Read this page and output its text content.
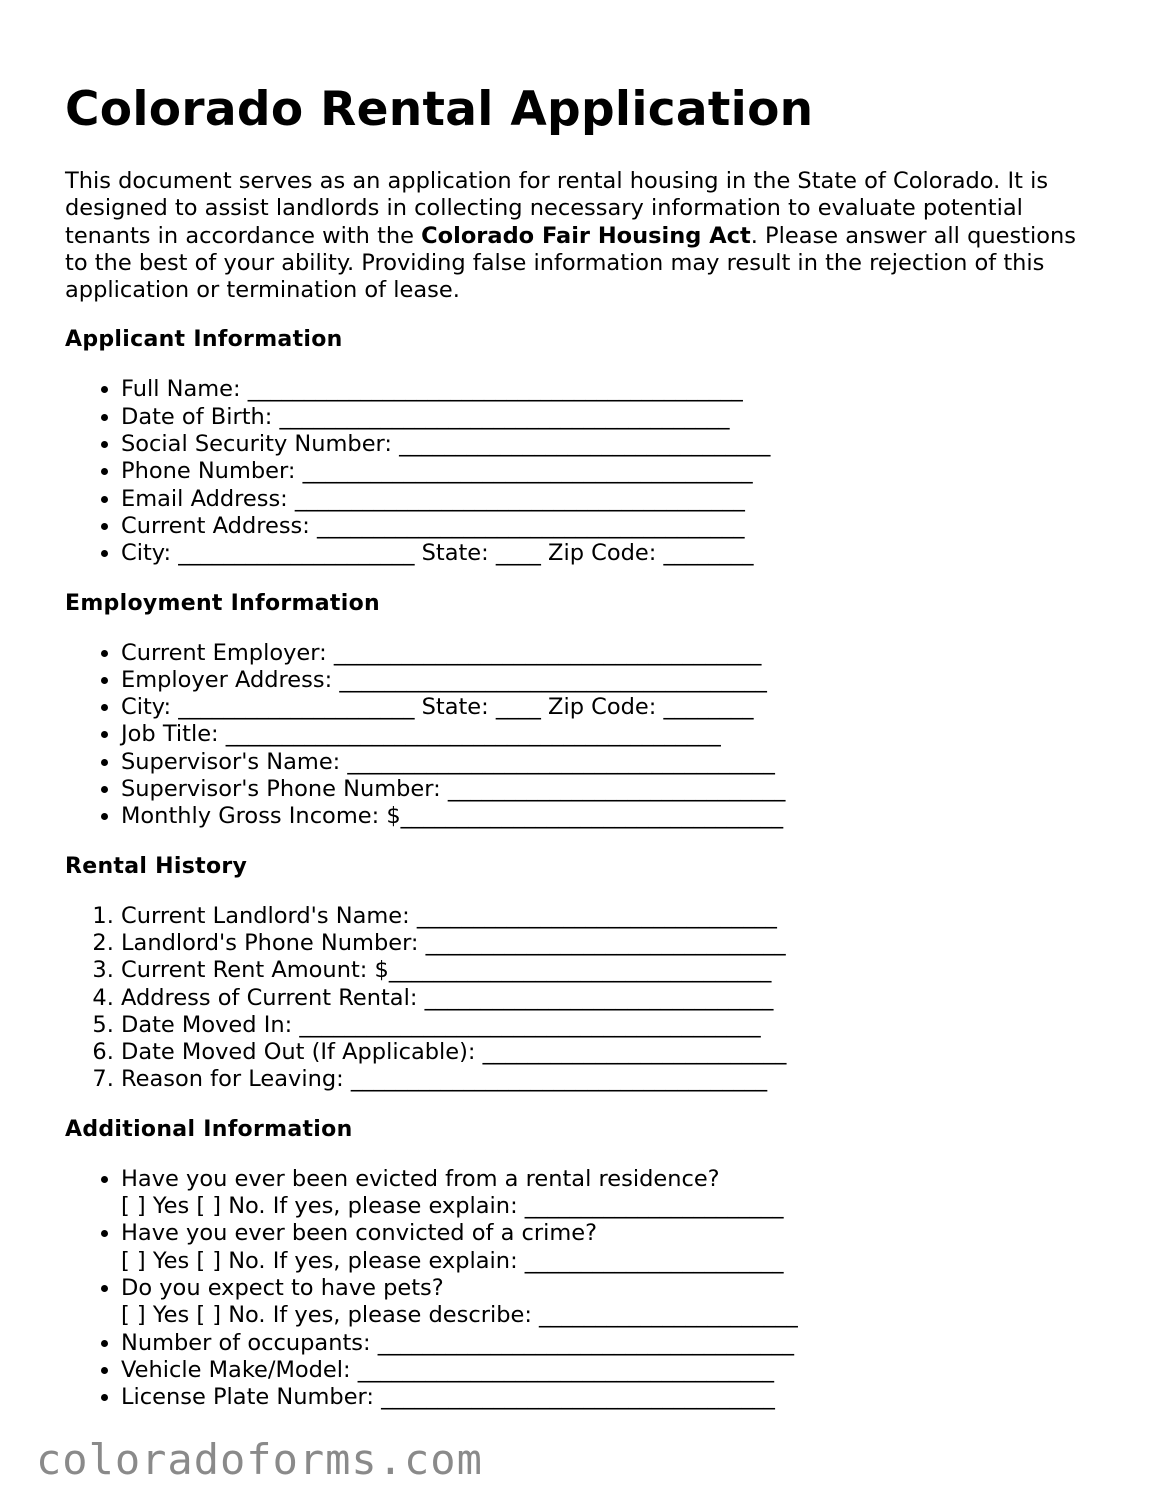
Colorado Rental Application

This document serves as an application for rental housing in the State of Colorado. It is designed to assist landlords in collecting necessary information to evaluate potential tenants in accordance with the Colorado Fair Housing Act. Please answer all questions to the best of your ability. Providing false information may result in the rejection of this application or termination of lease.

Applicant Information
• Full Name: ____________________________________________
• Date of Birth: ________________________________________
• Social Security Number: _________________________________
• Phone Number: ________________________________________
• Email Address: ________________________________________
• Current Address: ______________________________________
• City: _____________________ State: ____ Zip Code: ________
Employment Information
• Current Employer: ______________________________________
• Employer Address: ______________________________________
• City: _____________________ State: ____ Zip Code: ________
• Job Title: ____________________________________________
• Supervisor's Name: ______________________________________
• Supervisor's Phone Number: ______________________________
• Monthly Gross Income: $__________________________________
Rental History
1. Current Landlord's Name: ________________________________
2. Landlord's Phone Number: ________________________________
3. Current Rent Amount: $__________________________________
4. Address of Current Rental: _______________________________
5. Date Moved In: _________________________________________
6. Date Moved Out (If Applicable): ___________________________
7. Reason for Leaving: _____________________________________
Additional Information
• Have you ever been evicted from a rental residence?
[ ] Yes [ ] No. If yes, please explain: _______________________
• Have you ever been convicted of a crime?
[ ] Yes [ ] No. If yes, please explain: _______________________
• Do you expect to have pets?
[ ] Yes [ ] No. If yes, please describe: _______________________
• Number of occupants: _____________________________________
• Vehicle Make/Model: _____________________________________
• License Plate Number: ___________________________________
coloradoforms.com
